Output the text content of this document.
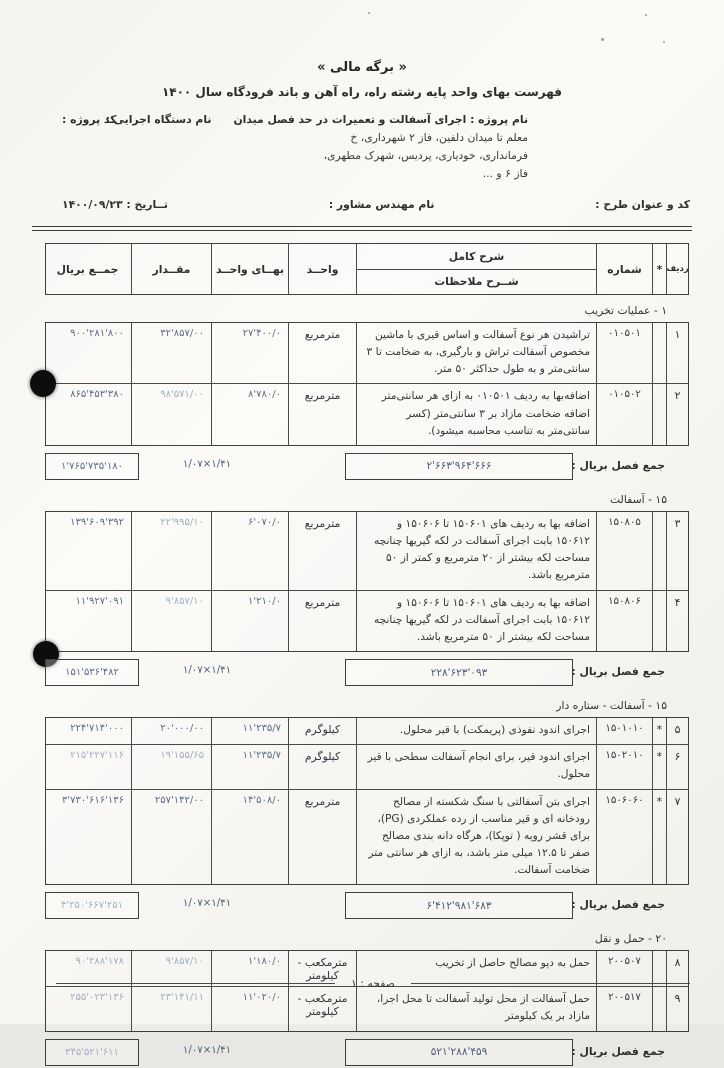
« برگه مالی »
فهرست بهای واحد پایه رشته راه، راه آهن و باند فرودگاه سال ۱۴۰۰
نام پروژه : اجرای آسفالت و تعمیرات در حد فصل میدان
نام دستگاه اجرایی :
کد پروژه :
معلم تا میدان دلفین، فاز ۲ شهرداری، خ
فرمانداری، خودیاری، پردیس، شهرک مطهری،
فاز ۶ و ...
کد و عنوان طرح :
نام مهندس مشاور :
تــاریخ : ۱۴۰۰/۰۹/۲۳
ردیف
*
شماره
شرح کامل
شــرح ملاحظات
واحــد
بهــای واحــد
مقــدار
جمــع بریال
۱ - عملیات تخریب
۱
۰۱۰۵۰۱
تراشیدن هر نوع آسفالت و اساس قیری با ماشین مخصوص آسفالت تراش و بارگیری، به ضخامت تا ۳ سانتی‌متر و به طول حداکثر ۵۰ متر.
مترمربع
۲۷'۴۰۰/۰
۳۲'۸۵۷/۰۰
۹۰۰'۲۸۱'۸۰۰
۲
۰۱۰۵۰۲
اضافه‌بها به ردیف ۰۱۰۵۰۱ به ازای هر سانتی‌متر اضافه ضخامت مازاد بر ۳ سانتی‌متر (کسر سانتی‌متر به تناسب محاسبه میشود).
مترمربع
۸'۷۸۰/۰
۹۸'۵۷۱/۰۰
۸۶۵'۴۵۳'۳۸۰
جمع فصل بریال :
۲'۶۶۳'۹۶۴'۶۶۶
۱/۰۷×۱/۴۱
۱'۷۶۵'۷۳۵'۱۸۰
۱۵ - آسفالت
۳
۱۵۰۸۰۵
اضافه بها به ردیف های ۱۵۰۶۰۱ تا ۱۵۰۶۰۶ و ۱۵۰۶۱۲ بابت اجرای آسفالت در لکه گیریها چنانچه مساحت لکه بیشتر از ۲۰ مترمربع و کمتر از ۵۰ مترمربع باشد.
مترمربع
۶'۰۷۰/۰
۲۲'۹۹۵/۱۰
۱۳۹'۶۰۹'۳۹۲
۴
۱۵۰۸۰۶
اضافه بها به ردیف های ۱۵۰۶۰۱ تا ۱۵۰۶۰۶ و ۱۵۰۶۱۲ بابت اجرای آسفالت در لکه گیریها چنانچه مساحت لکه بیشتر از ۵۰ مترمربع باشد.
مترمربع
۱'۲۱۰/۰
۹'۸۵۷/۱۰
۱۱'۹۲۷'۰۹۱
جمع فصل بریال :
۲۲۸'۶۲۳'۰۹۳
۱/۰۷×۱/۴۱
۱۵۱'۵۳۶'۴۸۲
۱۵ - آسفالت - ستاره دار
۵
*
۱۵۰۱۰۱۰
اجرای اندود نفوذی (پریمکت) با قیر محلول.
کیلوگرم
۱۱'۲۳۵/۷
۲۰'۰۰۰/۰۰
۲۲۴'۷۱۴'۰۰۰
۶
*
۱۵۰۲۰۱۰
اجرای اندود قیر، برای انجام آسفالت سطحی با قیر محلول.
کیلوگرم
۱۱'۲۳۵/۷
۱۹'۱۵۵/۶۵
۲۱۵'۲۲۷'۱۱۶
۷
*
۱۵۰۶۰۶۰
اجرای بتن آسفالتی با سنگ شکسته از مصالح رودخانه ای و قیر مناسب از رده عملکردی (PG)، برای قشر رویه ( توپکا)، هرگاه دانه بندی مصالح صفر تا ۱۲.۵ میلی متر باشد، به ازای هر سانتی متر ضخامت آسفالت.
مترمربع
۱۴'۵۰۸/۰
۲۵۷'۱۴۲/۰۰
۳'۷۳۰'۶۱۶'۱۳۶
جمع فصل بریال :
۶'۴۱۲'۹۸۱'۶۸۳
۱/۰۷×۱/۴۱
۴'۲۵۰'۶۶۷'۲۵۱
۲۰ - حمل و نقل
۸
۲۰۰۵۰۷
حمل به دپو مصالح حاصل از تخریب
مترمکعب - کیلومتر
۱'۱۸۰/۰
۹'۸۵۷/۱۰
۹۰'۲۸۸'۱۷۸
۹
۲۰۰۵۱۷
حمل آسفالت از محل تولید آسفالت تا محل اجرا، مازاد بر یک کیلومتر
مترمکعب - کیلومتر
۱۱'۰۲۰/۰
۲۳'۱۴۱/۱۱
۲۵۵'۰۲۳'۱۳۶
جمع فصل بریال :
۵۲۱'۲۸۸'۴۵۹
۱/۰۷×۱/۴۱
۳۴۵'۵۲۱'۶۱۱
صفحه : ۱
